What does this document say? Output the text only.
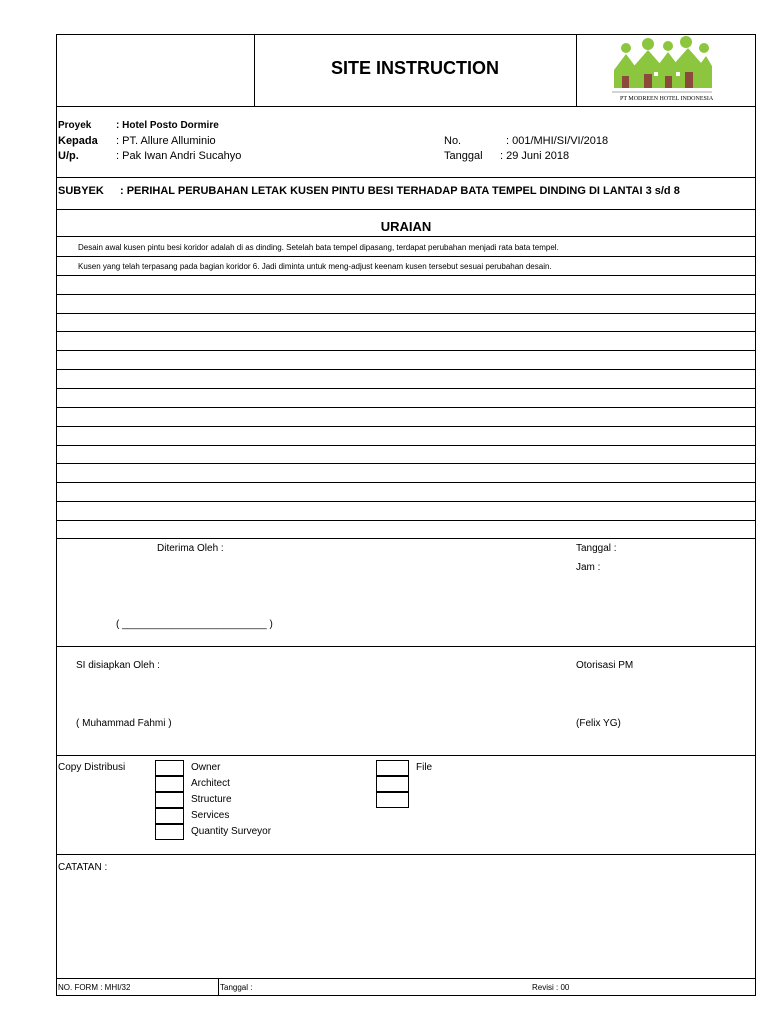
SITE INSTRUCTION
PT MODREEN HOTEL INDONESIA
Proyek : Hotel Posto Dormire
Kepada : PT. Allure Alluminio
U/p.	: Pak Iwan Andri Sucahyo
No.	: 001/MHI/SI/VI/2018
Tanggal : 29 Juni 2018
SUBYEK : PERIHAL PERUBAHAN LETAK KUSEN PINTU BESI TERHADAP BATA TEMPEL DINDING DI LANTAI 3 s/d 8
URAIAN
Desain awal kusen pintu besi koridor adalah di as dinding. Setelah bata tempel dipasang, terdapat perubahan menjadi rata bata tempel.
Kusen yang telah terpasang pada bagian koridor 6. Jadi diminta untuk meng-adjust keenam kusen tersebut sesuai perubahan desain.
Diterima Oleh :	Tanggal :
Jam :
( __________________________ )
SI disiapkan Oleh :	Otorisasi PM
( Muhammad Fahmi )	(Felix YG)
Copy Distribusi	Owner
Architect
Structure
Services
Quantity Surveyor
File
CATATAN :
NO. FORM : MHI/32	Tanggal :	Revisi : 00
